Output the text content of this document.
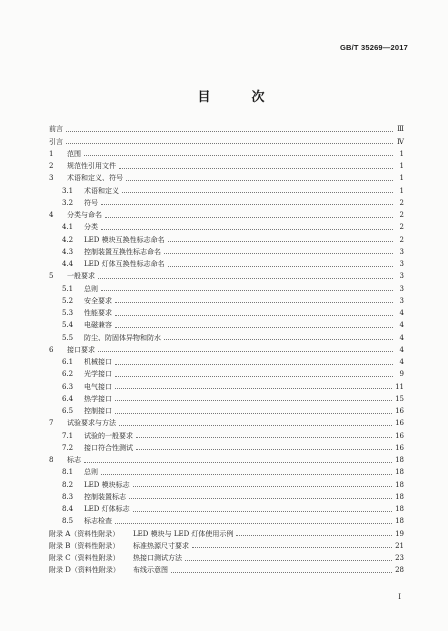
GB/T 35269—2017
目　次
前言	Ⅲ
引言	Ⅳ
1	范围	1
2	规范性引用文件	1
3	术语和定义、符号	1
3.1	术语和定义	1
3.2	符号	2
4	分类与命名	2
4.1	分类	2
4.2	LED 模块互换性标志命名	2
4.3	控制装置互换性标志命名	3
4.4	LED 灯体互换性标志命名	3
5	一般要求	3
5.1	总则	3
5.2	安全要求	3
5.3	性能要求	4
5.4	电磁兼容	4
5.5	防尘、防固体异物和防水	4
6	接口要求	4
6.1	机械接口	4
6.2	光学接口	9
6.3	电气接口	11
6.4	热学接口	15
6.5	控制接口	16
7	试验要求与方法	16
7.1	试验的一般要求	16
7.2	接口符合性测试	16
8	标志	18
8.1	总则	18
8.2	LED 模块标志	18
8.3	控制装置标志	18
8.4	LED 灯体标志	18
8.5	标志检查	18
附录 A（资料性附录）	LED 模块与 LED 灯体使用示例	19
附录 B（资料性附录）	标准热源尺寸要求	21
附录 C（资料性附录）	热接口测试方法	23
附录 D（资料性附录）	布线示意图	28
I
